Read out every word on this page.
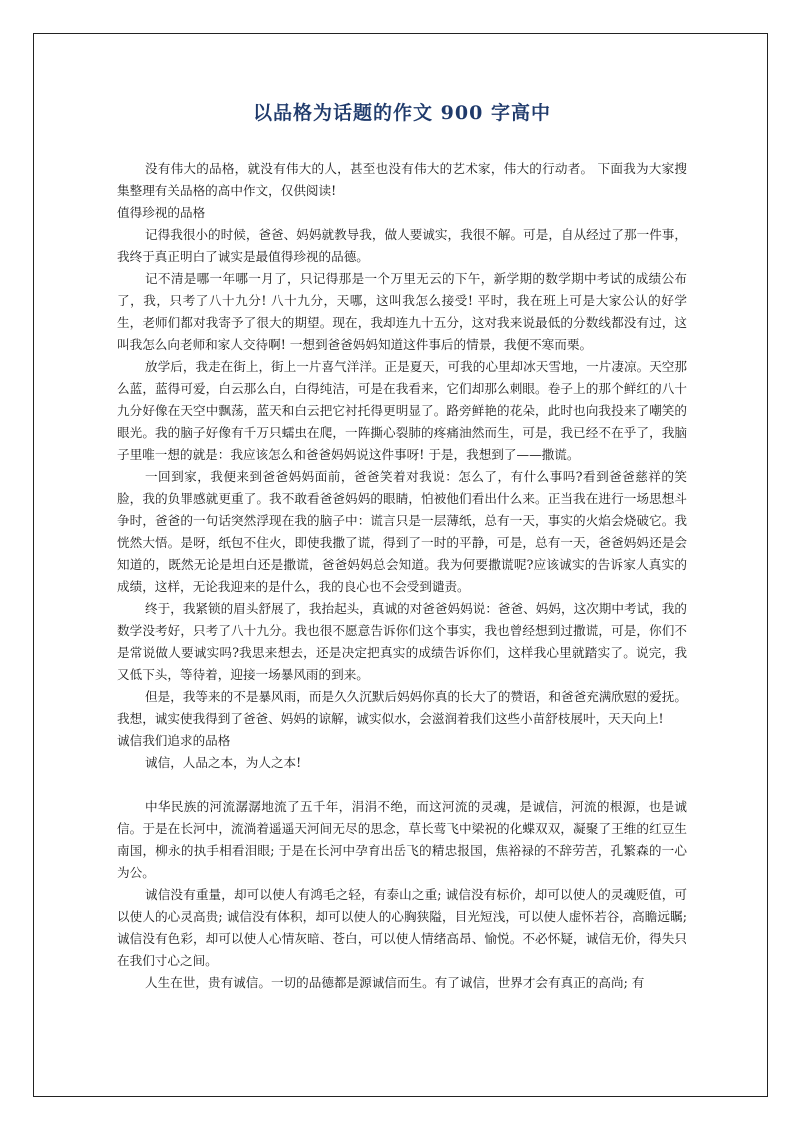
以品格为话题的作文 900 字高中

没有伟大的品格，就没有伟大的人，甚至也没有伟大的艺术家，伟大的行动者。 下面我为大家搜集整理有关品格的高中作文，仅供阅读!

值得珍视的品格

记得我很小的时候，爸爸、妈妈就教导我，做人要诚实，我很不解。可是，自从经过了那一件事，我终于真正明白了诚实是最值得珍视的品德。

记不清是哪一年哪一月了，只记得那是一个万里无云的下午，新学期的数学期中考试的成绩公布了，我，只考了八十九分! 八十九分，天哪，这叫我怎么接受! 平时，我在班上可是大家公认的好学生，老师们都对我寄予了很大的期望。现在，我却连九十五分，这对我来说最低的分数线都没有过，这叫我怎么向老师和家人交待啊! 一想到爸爸妈妈知道这件事后的情景，我便不寒而栗。

放学后，我走在街上，街上一片喜气洋洋。正是夏天，可我的心里却冰天雪地，一片凄凉。天空那么蓝，蓝得可爱，白云那么白，白得纯洁，可是在我看来，它们却那么刺眼。卷子上的那个鲜红的八十九分好像在天空中飘荡，蓝天和白云把它衬托得更明显了。路旁鲜艳的花朵，此时也向我投来了嘲笑的眼光。我的脑子好像有千万只蠕虫在爬，一阵撕心裂肺的疼痛油然而生，可是，我已经不在乎了，我脑子里唯一想的就是：我应该怎么和爸爸妈妈说这件事呀! 于是，我想到了——撒谎。

一回到家，我便来到爸爸妈妈面前，爸爸笑着对我说：怎么了，有什么事吗?看到爸爸慈祥的笑脸，我的负罪感就更重了。我不敢看爸爸妈妈的眼睛，怕被他们看出什么来。正当我在进行一场思想斗争时，爸爸的一句话突然浮现在我的脑子中：谎言只是一层薄纸，总有一天，事实的火焰会烧破它。我恍然大悟。是呀，纸包不住火，即使我撒了谎，得到了一时的平静，可是，总有一天，爸爸妈妈还是会知道的，既然无论是坦白还是撒谎，爸爸妈妈总会知道。我为何要撒谎呢?应该诚实的告诉家人真实的成绩，这样，无论我迎来的是什么，我的良心也不会受到谴责。

终于，我紧锁的眉头舒展了，我抬起头，真诚的对爸爸妈妈说：爸爸、妈妈，这次期中考试，我的数学没考好，只考了八十九分。我也很不愿意告诉你们这个事实，我也曾经想到过撒谎，可是，你们不是常说做人要诚实吗?我思来想去，还是决定把真实的成绩告诉你们，这样我心里就踏实了。说完，我又低下头，等待着，迎接一场暴风雨的到来。

但是，我等来的不是暴风雨，而是久久沉默后妈妈你真的长大了的赞语，和爸爸充满欣慰的爱抚。我想，诚实使我得到了爸爸、妈妈的谅解，诚实似水，会滋润着我们这些小苗舒枝展叶，天天向上!

诚信我们追求的品格

诚信，人品之本，为人之本!

中华民族的河流潺潺地流了五千年，涓涓不绝，而这河流的灵魂，是诚信，河流的根源，也是诚信。于是在长河中，流淌着遥遥天河间无尽的思念，草长莺飞中梁祝的化蝶双双，凝聚了王维的红豆生南国，柳永的执手相看泪眼; 于是在长河中孕育出岳飞的精忠报国，焦裕禄的不辞劳苦，孔繁森的一心为公。

诚信没有重量，却可以使人有鸿毛之轻，有泰山之重; 诚信没有标价，却可以使人的灵魂贬值，可以使人的心灵高贵; 诚信没有体积，却可以使人的心胸狭隘，目光短浅，可以使人虚怀若谷，高瞻远瞩; 诚信没有色彩，却可以使人心情灰暗、苍白，可以使人情绪高昂、愉悦。不必怀疑，诚信无价，得失只在我们寸心之间。

人生在世，贵有诚信。一切的品德都是源诚信而生。有了诚信，世界才会有真正的高尚; 有
